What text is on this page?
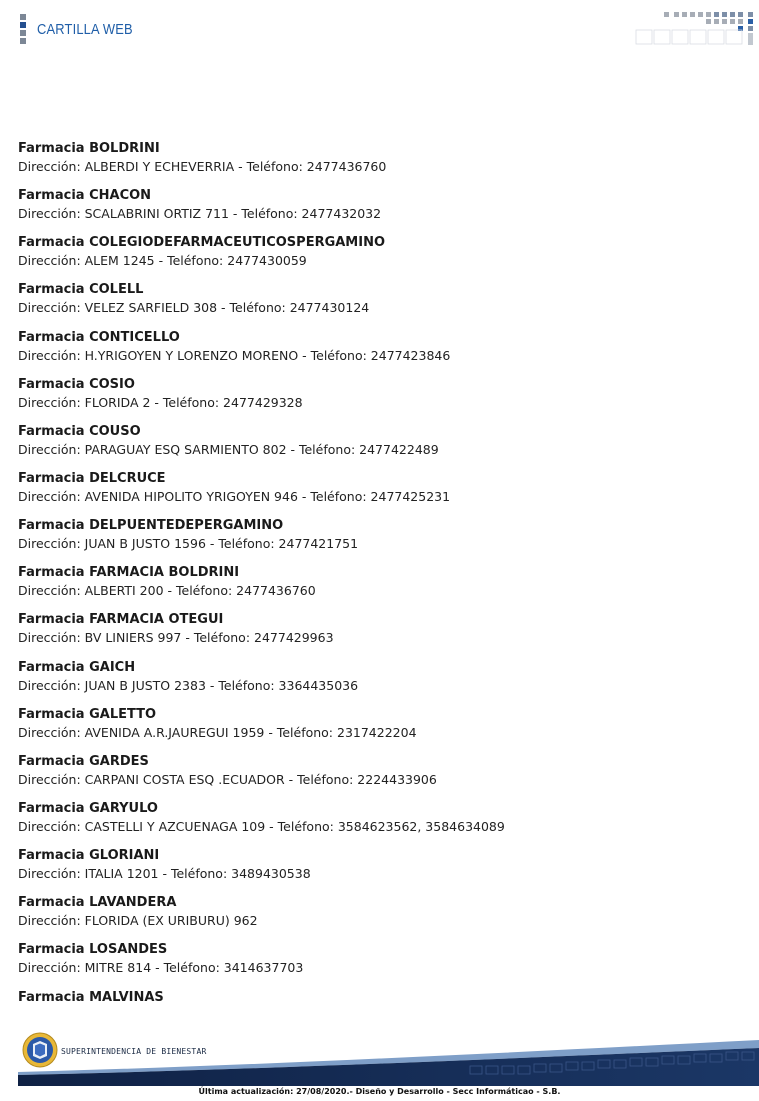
CARTILLA WEB
Farmacia BOLDRINI
Dirección: ALBERDI Y ECHEVERRIA - Teléfono: 2477436760
Farmacia CHACON
Dirección: SCALABRINI ORTIZ 711 - Teléfono: 2477432032
Farmacia COLEGIODEFARMACEUTICOSPERGAMINO
Dirección: ALEM 1245 - Teléfono: 2477430059
Farmacia COLELL
Dirección: VELEZ SARFIELD 308 - Teléfono: 2477430124
Farmacia CONTICELLO
Dirección: H.YRIGOYEN Y LORENZO MORENO - Teléfono: 2477423846
Farmacia COSIO
Dirección: FLORIDA 2 - Teléfono: 2477429328
Farmacia COUSO
Dirección: PARAGUAY ESQ SARMIENTO 802 - Teléfono: 2477422489
Farmacia DELCRUCE
Dirección: AVENIDA HIPOLITO YRIGOYEN 946 - Teléfono: 2477425231
Farmacia DELPUENTEDEPERGAMINO
Dirección: JUAN B JUSTO 1596 - Teléfono: 2477421751
Farmacia FARMACIA BOLDRINI
Dirección: ALBERTI 200 - Teléfono: 2477436760
Farmacia FARMACIA OTEGUI
Dirección: BV LINIERS 997 - Teléfono: 2477429963
Farmacia GAICH
Dirección: JUAN B JUSTO 2383 - Teléfono: 3364435036
Farmacia GALETTO
Dirección: AVENIDA A.R.JAUREGUI 1959 - Teléfono: 2317422204
Farmacia GARDES
Dirección: CARPANI COSTA ESQ .ECUADOR - Teléfono: 2224433906
Farmacia GARYULO
Dirección: CASTELLI Y AZCUENAGA 109 - Teléfono: 3584623562, 3584634089
Farmacia GLORIANI
Dirección: ITALIA 1201 - Teléfono: 3489430538
Farmacia LAVANDERA
Dirección: FLORIDA (EX URIBURU) 962
Farmacia LOSANDES
Dirección: MITRE 814 - Teléfono: 3414637703
Farmacia MALVINAS
SUPERINTENDENCIA DE BIENESTAR
Última actualización: 27/08/2020.- Diseño y Desarrollo - Secc Informáticao - S.B.
